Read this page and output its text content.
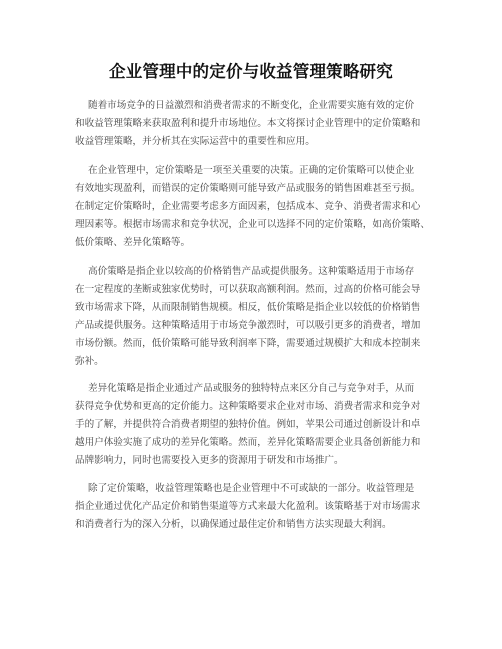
企业管理中的定价与收益管理策略研究
随着市场竞争的日益激烈和消费者需求的不断变化，企业需要实施有效的定价
和收益管理策略来获取盈利和提升市场地位。本文将探讨企业管理中的定价策略和
收益管理策略，并分析其在实际运营中的重要性和应用。
在企业管理中，定价策略是一项至关重要的决策。正确的定价策略可以使企业
有效地实现盈利，而错误的定价策略则可能导致产品或服务的销售困难甚至亏损。
在制定定价策略时，企业需要考虑多方面因素，包括成本、竞争、消费者需求和心
理因素等。根据市场需求和竞争状况，企业可以选择不同的定价策略，如高价策略、
低价策略、差异化策略等。
高价策略是指企业以较高的价格销售产品或提供服务。这种策略适用于市场存
在一定程度的垄断或独家优势时，可以获取高额利润。然而，过高的价格可能会导
致市场需求下降，从而限制销售规模。相反，低价策略是指企业以较低的价格销售
产品或提供服务。这种策略适用于市场竞争激烈时，可以吸引更多的消费者，增加
市场份额。然而，低价策略可能导致利润率下降，需要通过规模扩大和成本控制来
弥补。
差异化策略是指企业通过产品或服务的独特特点来区分自己与竞争对手，从而
获得竞争优势和更高的定价能力。这种策略要求企业对市场、消费者需求和竞争对
手的了解，并提供符合消费者期望的独特价值。例如，苹果公司通过创新设计和卓
越用户体验实施了成功的差异化策略。然而，差异化策略需要企业具备创新能力和
品牌影响力，同时也需要投入更多的资源用于研发和市场推广。
除了定价策略，收益管理策略也是企业管理中不可或缺的一部分。收益管理是
指企业通过优化产品定价和销售渠道等方式来最大化盈利。该策略基于对市场需求
和消费者行为的深入分析，以确保通过最佳定价和销售方法实现最大利润。
